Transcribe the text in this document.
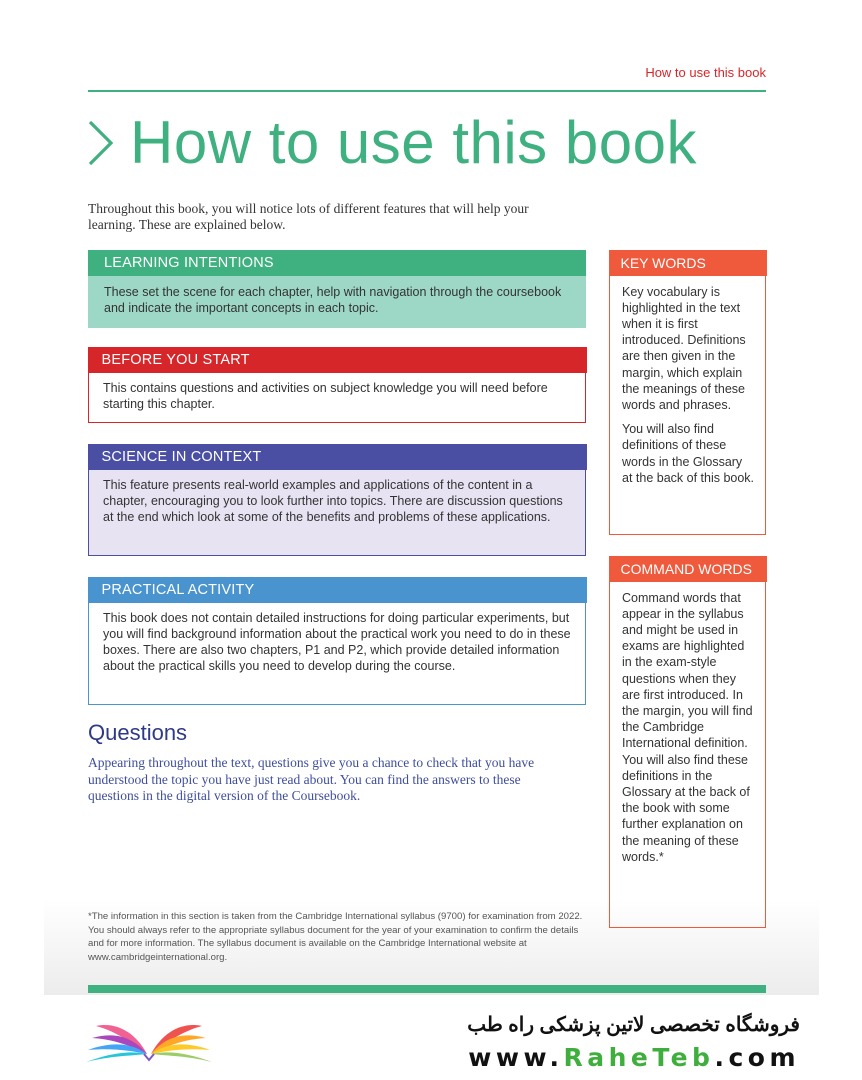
How to use this book
How to use this book
Throughout this book, you will notice lots of different features that will help your learning. These are explained below.
LEARNING INTENTIONS
These set the scene for each chapter, help with navigation through the coursebook and indicate the important concepts in each topic.
BEFORE YOU START
This contains questions and activities on subject knowledge you will need before starting this chapter.
SCIENCE IN CONTEXT
This feature presents real-world examples and applications of the content in a chapter, encouraging you to look further into topics. There are discussion questions at the end which look at some of the benefits and problems of these applications.
PRACTICAL ACTIVITY
This book does not contain detailed instructions for doing particular experiments, but you will find background information about the practical work you need to do in these boxes. There are also two chapters, P1 and P2, which provide detailed information about the practical skills you need to develop during the course.
Questions
Appearing throughout the text, questions give you a chance to check that you have understood the topic you have just read about. You can find the answers to these questions in the digital version of the Coursebook.
*The information in this section is taken from the Cambridge International syllabus (9700) for examination from 2022. You should always refer to the appropriate syllabus document for the year of your examination to confirm the details and for more information. The syllabus document is available on the Cambridge International website at www.cambridgeinternational.org.
KEY WORDS

Key vocabulary is highlighted in the text when it is first introduced. Definitions are then given in the margin, which explain the meanings of these words and phrases.

You will also find definitions of these words in the Glossary at the back of this book.

COMMAND WORDS
Command words that appear in the syllabus and might be used in exams are highlighted in the exam-style questions when they are first introduced. In the margin, you will find the Cambridge International definition. You will also find these definitions in the Glossary at the back of the book with some further explanation on the meaning of these words.*
فروشگاه تخصصی لاتین پزشکی راه طب
www.RaheTeb.com
